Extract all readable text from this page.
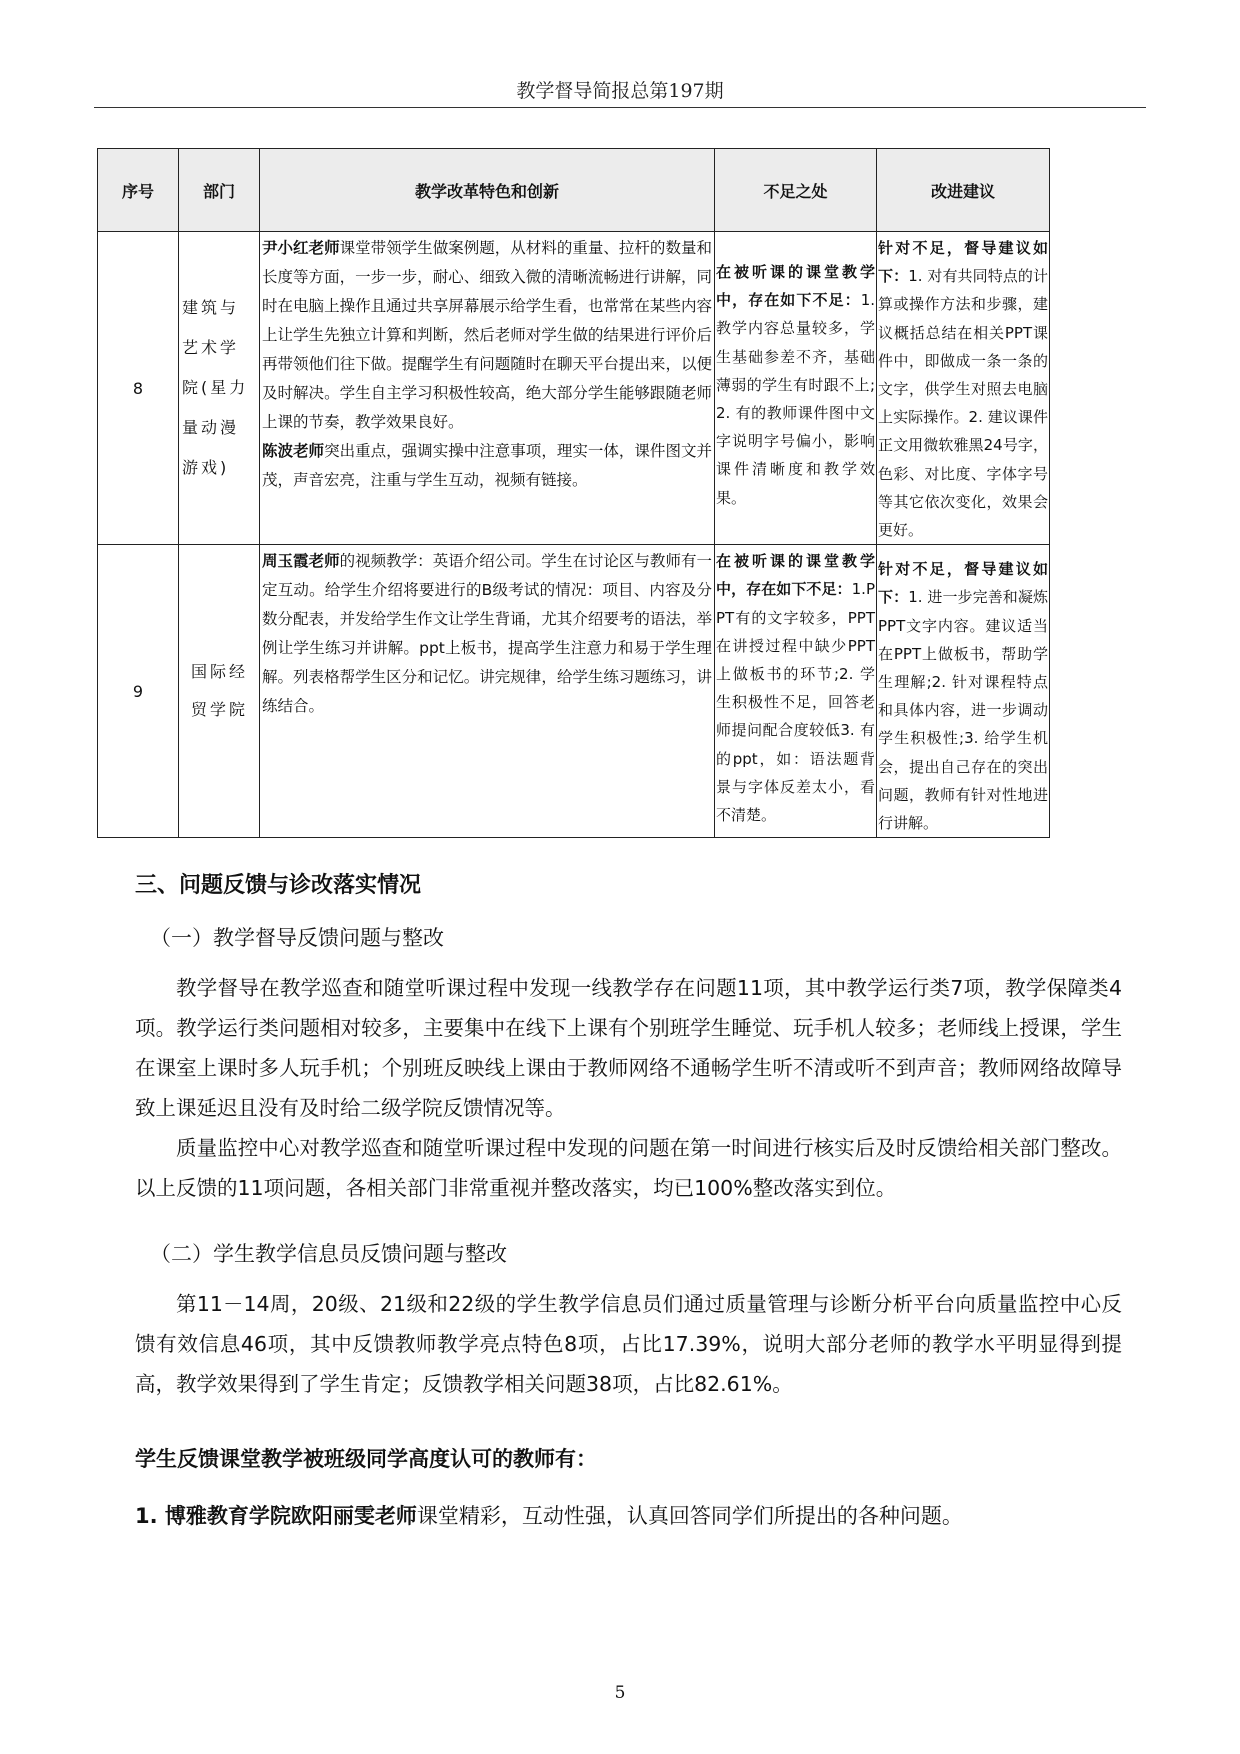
教学督导简报总第197期
序号	部门	教学改革特色和创新	不足之处	改进建议
8	建筑与艺术学院(星力量动漫游戏)	尹小红老师课堂带领学生做案例题，从材料的重量、拉杆的数量和长度等方面，一步一步，耐心、细致入微的清晰流畅进行讲解，同时在电脑上操作且通过共享屏幕展示给学生看，也常常在某些内容上让学生先独立计算和判断，然后老师对学生做的结果进行评价后再带领他们往下做。提醒学生有问题随时在聊天平台提出来，以便及时解决。学生自主学习积极性较高，绝大部分学生能够跟随老师上课的节奏，教学效果良好。
陈波老师突出重点，强调实操中注意事项，理实一体，课件图文并茂，声音宏亮，注重与学生互动，视频有链接。	在被听课的课堂教学中，存在如下不足：1. 教学内容总量较多，学生基础参差不齐，基础薄弱的学生有时跟不上;2. 有的教师课件图中文字说明字号偏小，影响课件清晰度和教学效果。	针对不足，督导建议如下：1. 对有共同特点的计算或操作方法和步骤，建议概括总结在相关PPT课件中，即做成一条一条的文字，供学生对照去电脑上实际操作。2. 建议课件正文用微软雅黑24号字，色彩、对比度、字体字号等其它依次变化，效果会更好。
9	国际经贸学院	周玉霞老师的视频教学：英语介绍公司。学生在讨论区与教师有一定互动。给学生介绍将要进行的B级考试的情况：项目、内容及分数分配表，并发给学生作文让学生背诵，尤其介绍要考的语法，举例让学生练习并讲解。ppt上板书，提高学生注意力和易于学生理解。列表格帮学生区分和记忆。讲完规律，给学生练习题练习，讲练结合。	在被听课的课堂教学中，存在如下不足：1.PPT有的文字较多，PPT在讲授过程中缺少PPT上做板书的环节;2. 学生积极性不足，回答老师提问配合度较低3. 有的ppt，如：语法题背景与字体反差太小，看不清楚。	针对不足，督导建议如下：1. 进一步完善和凝炼PPT文字内容。建议适当在PPT上做板书，帮助学生理解;2. 针对课程特点和具体内容，进一步调动学生积极性;3. 给学生机会，提出自己存在的突出问题，教师有针对性地进行讲解。
三、问题反馈与诊改落实情况
（一）教学督导反馈问题与整改
教学督导在教学巡查和随堂听课过程中发现一线教学存在问题11项，其中教学运行类7项，教学保障类4项。教学运行类问题相对较多，主要集中在线下上课有个别班学生睡觉、玩手机人较多；老师线上授课，学生在课室上课时多人玩手机；个别班反映线上课由于教师网络不通畅学生听不清或听不到声音；教师网络故障导致上课延迟且没有及时给二级学院反馈情况等。
质量监控中心对教学巡查和随堂听课过程中发现的问题在第一时间进行核实后及时反馈给相关部门整改。以上反馈的11项问题，各相关部门非常重视并整改落实，均已100%整改落实到位。
（二）学生教学信息员反馈问题与整改
第11－14周，20级、21级和22级的学生教学信息员们通过质量管理与诊断分析平台向质量监控中心反馈有效信息46项，其中反馈教师教学亮点特色8项，占比17.39%，说明大部分老师的教学水平明显得到提高，教学效果得到了学生肯定；反馈教学相关问题38项，占比82.61%。
学生反馈课堂教学被班级同学高度认可的教师有：
1. 博雅教育学院欧阳丽雯老师课堂精彩，互动性强，认真回答同学们所提出的各种问题。
5
